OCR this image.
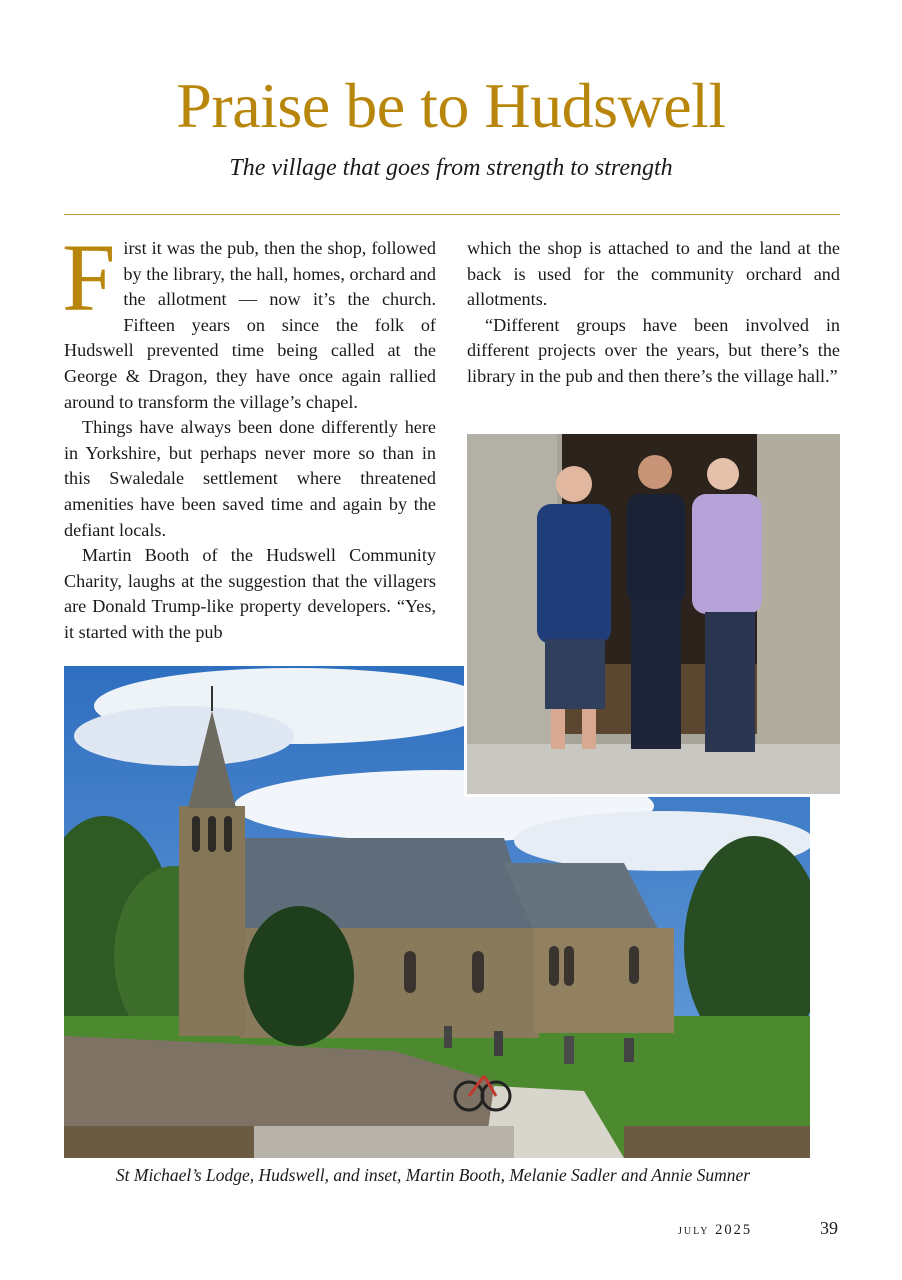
Praise be to Hudswell
The village that goes from strength to strength

First it was the pub, then the shop, followed by the library, the hall, homes, orchard and the allotment — now it’s the church. Fifteen years on since the folk of Hudswell prevented time being called at the George & Dragon, they have once again rallied around to transform the village’s chapel.

Things have always been done differently here in Yorkshire, but perhaps never more so than in this Swaledale settlement where threatened amenities have been saved time and again by the defiant locals.

Martin Booth of the Hudswell Community Charity, laughs at the suggestion that the villagers are Donald Trump-like property developers. “Yes, it started with the pub

which the shop is attached to and the land at the back is used for the community orchard and allotments.

“Different groups have been involved in different projects over the years, but there’s the library in the pub and then there’s the village hall.”

St Michael’s Lodge, Hudswell, and inset, Martin Booth, Melanie Sadler and Annie Sumner
july 2025	39
